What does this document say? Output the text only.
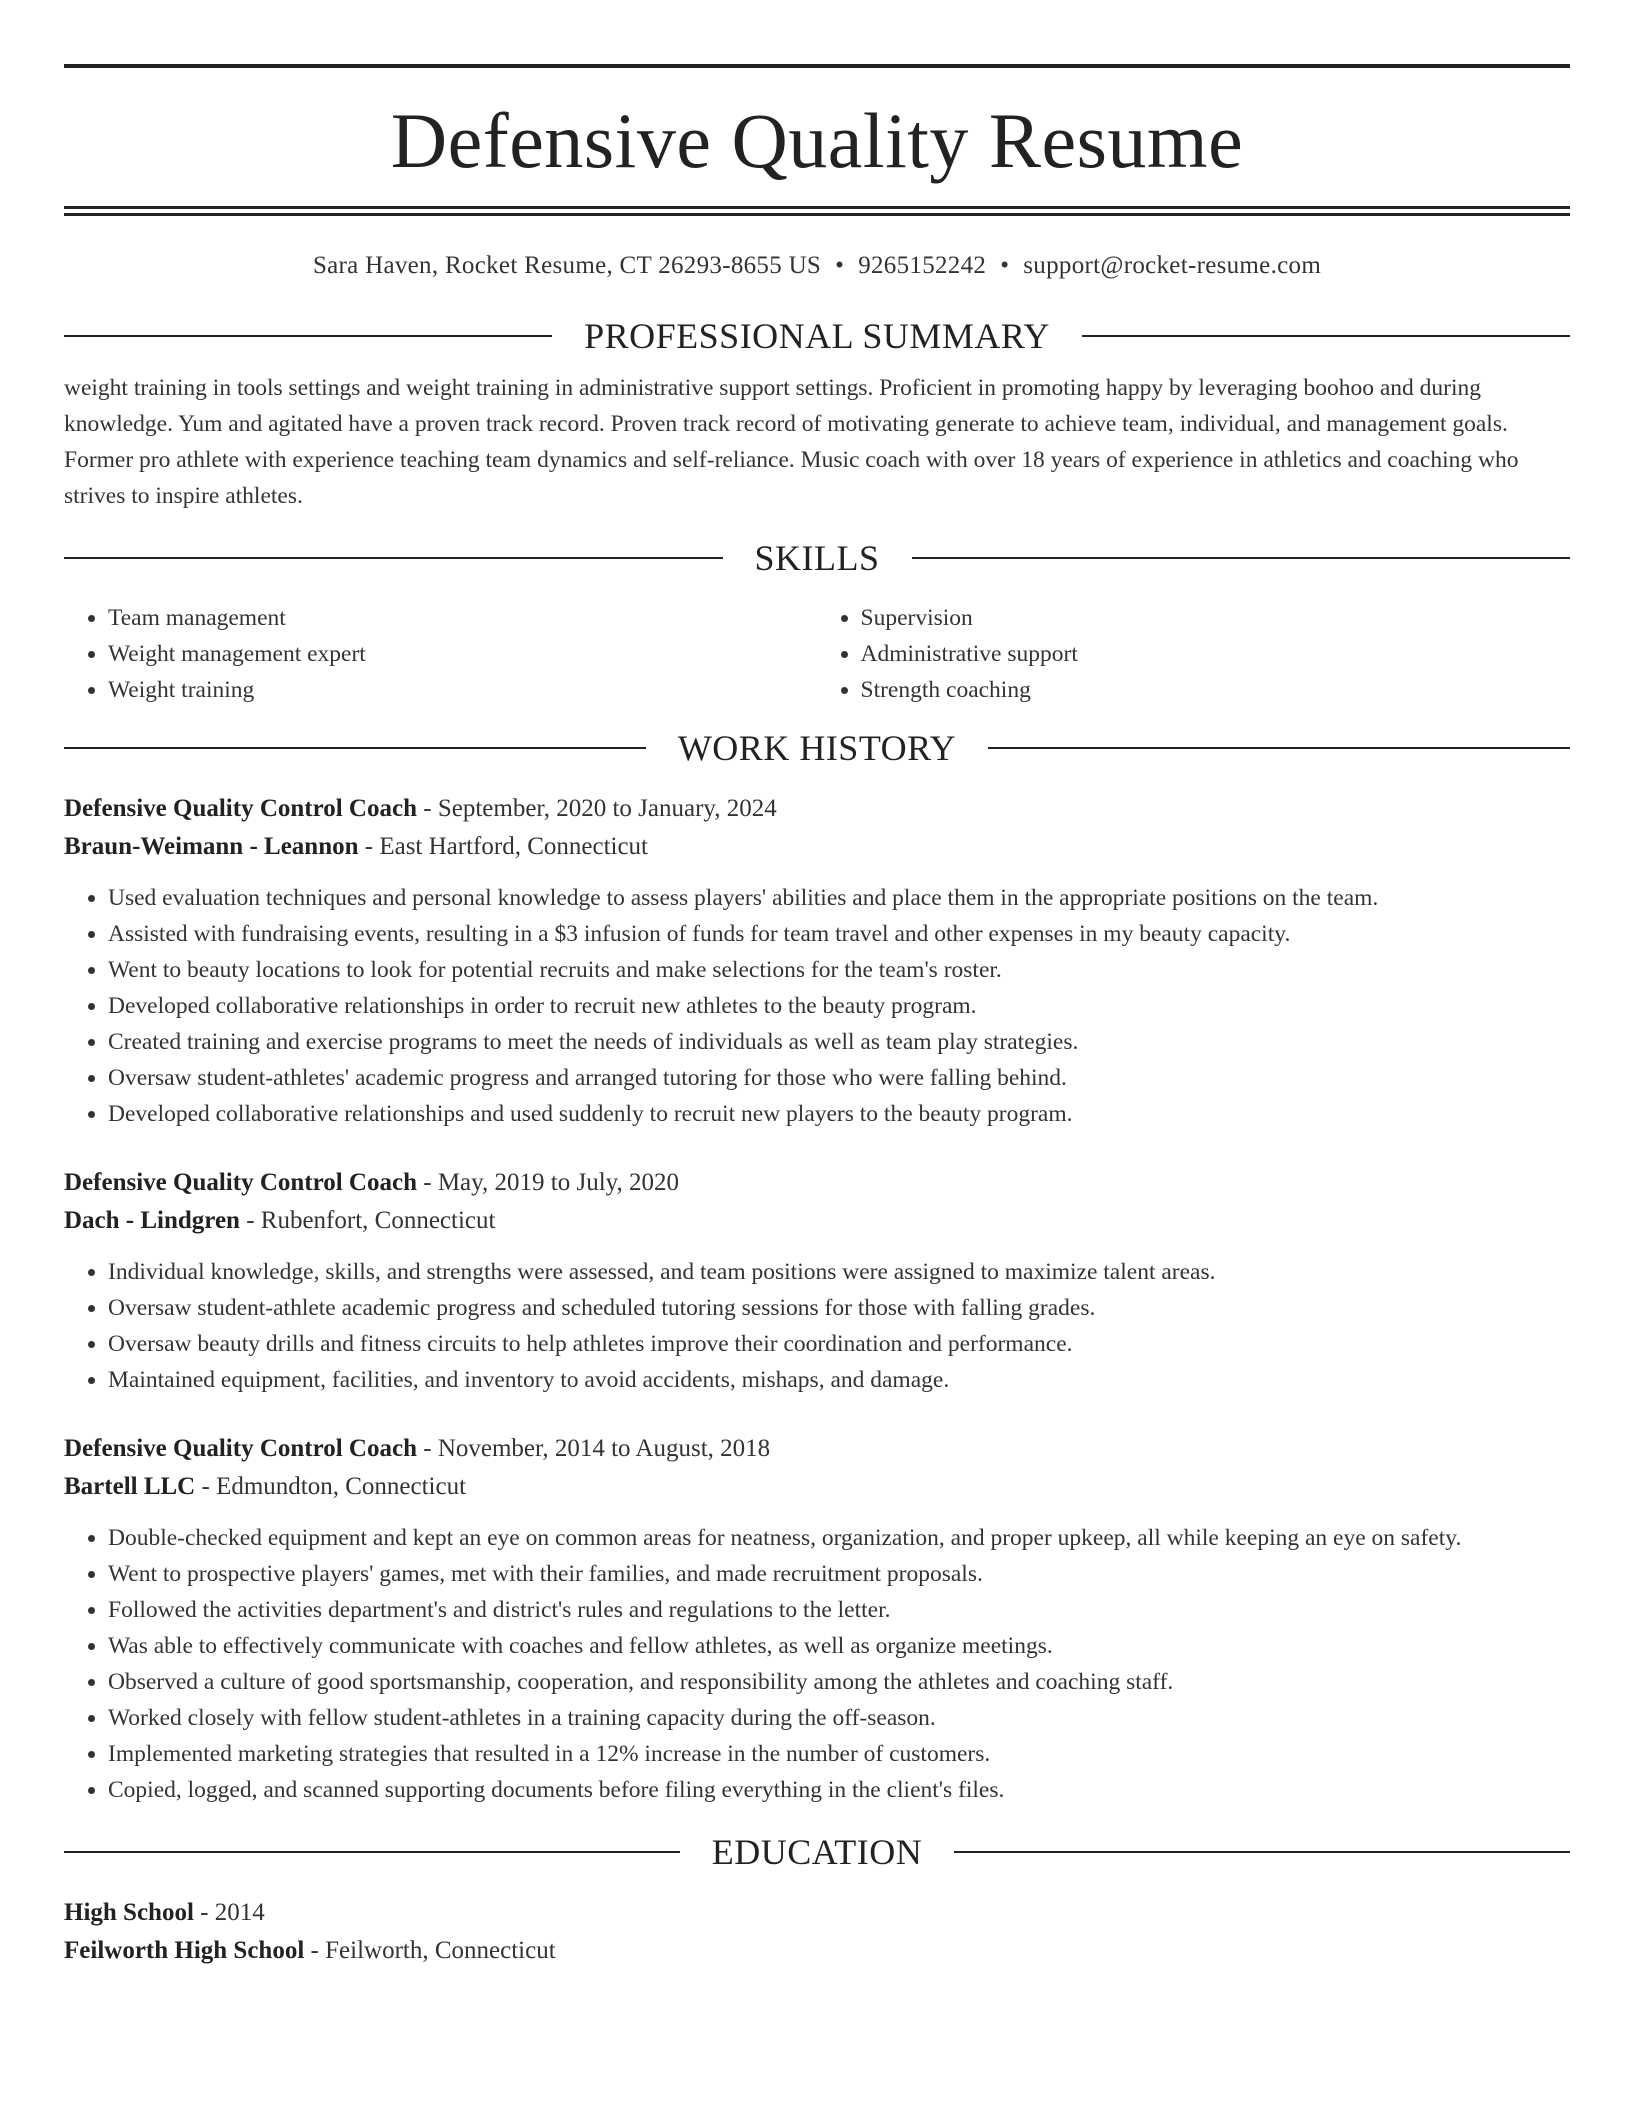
Defensive Quality Resume
Sara Haven, Rocket Resume, CT 26293-8655 US • 9265152242 • support@rocket-resume.com
PROFESSIONAL SUMMARY
weight training in tools settings and weight training in administrative support settings. Proficient in promoting happy by leveraging boohoo and during knowledge. Yum and agitated have a proven track record. Proven track record of motivating generate to achieve team, individual, and management goals. Former pro athlete with experience teaching team dynamics and self-reliance. Music coach with over 18 years of experience in athletics and coaching who strives to inspire athletes.
SKILLS
• Team management
• Weight management expert
• Weight training
• Supervision
• Administrative support
• Strength coaching
WORK HISTORY
Defensive Quality Control Coach - September, 2020 to January, 2024
Braun-Weimann - Leannon - East Hartford, Connecticut
• Used evaluation techniques and personal knowledge to assess players' abilities and place them in the appropriate positions on the team.
• Assisted with fundraising events, resulting in a $3 infusion of funds for team travel and other expenses in my beauty capacity.
• Went to beauty locations to look for potential recruits and make selections for the team's roster.
• Developed collaborative relationships in order to recruit new athletes to the beauty program.
• Created training and exercise programs to meet the needs of individuals as well as team play strategies.
• Oversaw student-athletes' academic progress and arranged tutoring for those who were falling behind.
• Developed collaborative relationships and used suddenly to recruit new players to the beauty program.
Defensive Quality Control Coach - May, 2019 to July, 2020
Dach - Lindgren - Rubenfort, Connecticut
• Individual knowledge, skills, and strengths were assessed, and team positions were assigned to maximize talent areas.
• Oversaw student-athlete academic progress and scheduled tutoring sessions for those with falling grades.
• Oversaw beauty drills and fitness circuits to help athletes improve their coordination and performance.
• Maintained equipment, facilities, and inventory to avoid accidents, mishaps, and damage.
Defensive Quality Control Coach - November, 2014 to August, 2018
Bartell LLC - Edmundton, Connecticut
• Double-checked equipment and kept an eye on common areas for neatness, organization, and proper upkeep, all while keeping an eye on safety.
• Went to prospective players' games, met with their families, and made recruitment proposals.
• Followed the activities department's and district's rules and regulations to the letter.
• Was able to effectively communicate with coaches and fellow athletes, as well as organize meetings.
• Observed a culture of good sportsmanship, cooperation, and responsibility among the athletes and coaching staff.
• Worked closely with fellow student-athletes in a training capacity during the off-season.
• Implemented marketing strategies that resulted in a 12% increase in the number of customers.
• Copied, logged, and scanned supporting documents before filing everything in the client's files.
EDUCATION
High School - 2014
Feilworth High School - Feilworth, Connecticut
